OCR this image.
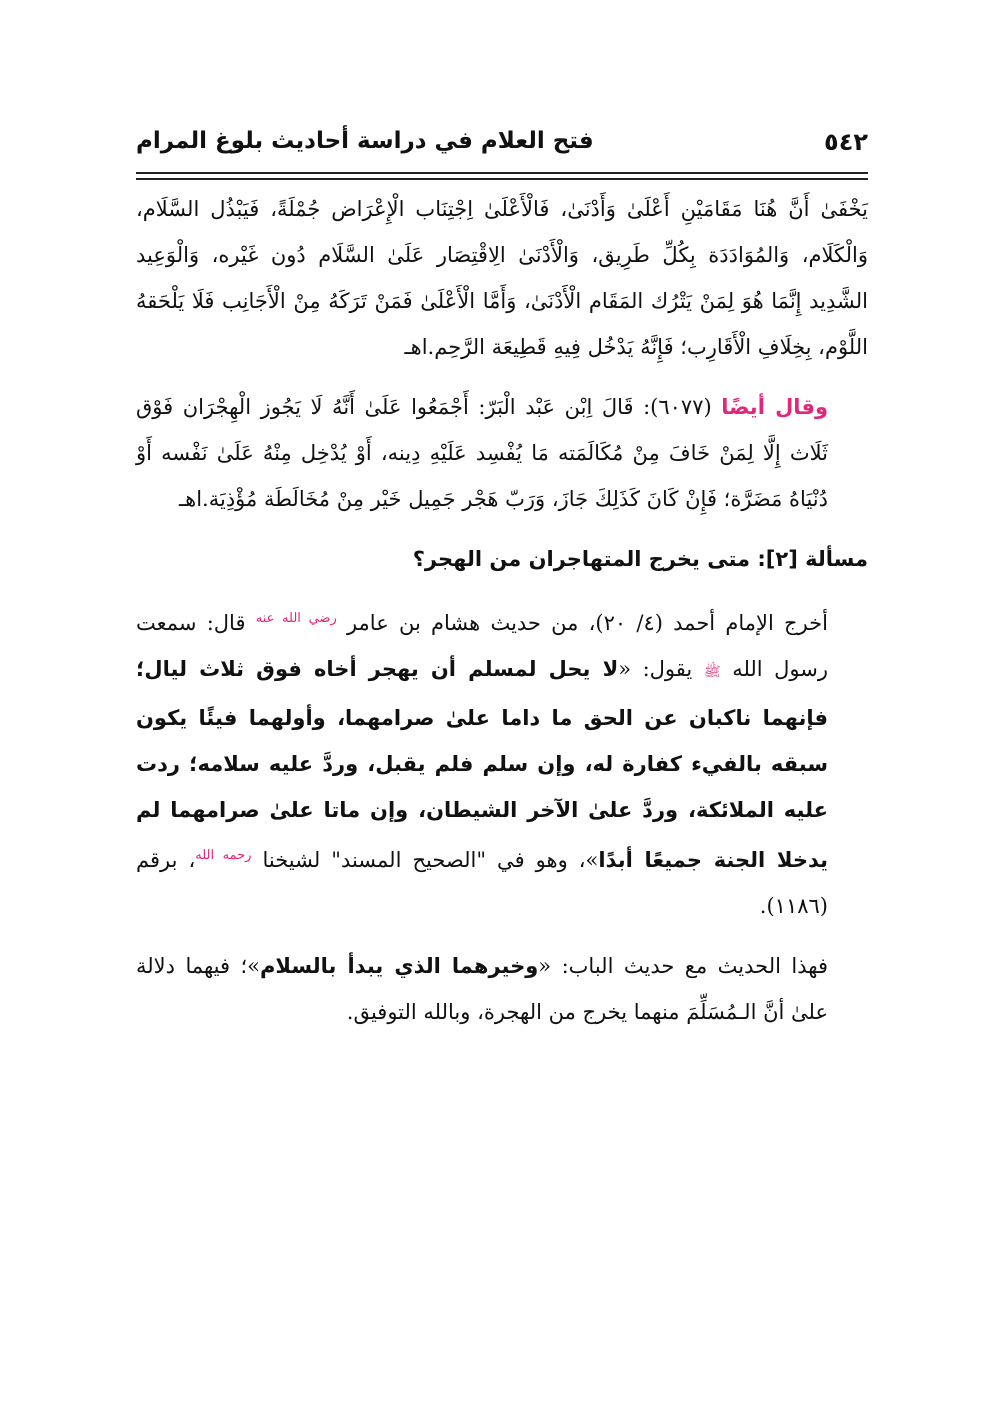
٥٤٢
فتح العلام في دراسة أحاديث بلوغ المرام

يَخْفَىٰ أَنَّ هُنَا مَقَامَيْنِ أَعْلَىٰ وَأَدْنَىٰ، فَالْأَعْلَىٰ اِجْتِنَاب الْإِعْرَاض جُمْلَةً، فَيَبْذُل السَّلَام، وَالْكَلَام، وَالمُوَادَدَة بِكُلِّ طَرِيق، وَالْأَدْنَىٰ الِاقْتِصَار عَلَىٰ السَّلَام دُون غَيْره، وَالْوَعِيد الشَّدِيد إِنَّمَا هُوَ لِمَنْ يَتْرُك المَقَام الْأَدْنَىٰ، وَأَمَّا الْأَعْلَىٰ فَمَنْ تَرَكَهُ مِنْ الْأَجَانِب فَلَا يَلْحَقهُ اللَّوْم، بِخِلَافِ الْأَقَارِب؛ فَإِنَّهُ يَدْخُل فِيهِ قَطِيعَة الرَّحِم.اهـ

وقال أيضًا (٦٠٧٧): قَالَ اِبْن عَبْد الْبَرّ: أَجْمَعُوا عَلَىٰ أَنَّهُ لَا يَجُوز الْهِجْرَان فَوْق ثَلَاث إِلَّا لِمَنْ خَافَ مِنْ مُكَالَمَته مَا يُفْسِد عَلَيْهِ دِينه، أَوْ يُدْخِل مِنْهُ عَلَىٰ نَفْسه أَوْ دُنْيَاهُ مَضَرَّة؛ فَإِنْ كَانَ كَذَلِكَ جَازَ، وَرَبّ هَجْر جَمِيل خَيْر مِنْ مُخَالَطَة مُؤْذِيَة.اهـ

مسألة [٢]: متى يخرج المتهاجران من الهجر؟

أخرج الإمام أحمد (٤/ ٢٠)، من حديث هشام بن عامر $^{رضي الله عنه}$ قال: سمعت رسول الله ﷺ يقول: «لا يحل لمسلم أن يهجر أخاه فوق ثلاث ليال؛ فإنهما ناكبان عن الحق ما داما علىٰ صرامهما، وأولهما فيئًا يكون سبقه بالفيء كفارة له، وإن سلم فلم يقبل، وردَّ عليه سلامه؛ ردت عليه الملائكة، وردَّ علىٰ الآخر الشيطان، وإن ماتا علىٰ صرامهما لم يدخلا الجنة جميعًا أبدًا»، وهو في "الصحيح المسند" لشيخنا $^{رحمه الله}$، برقم (١١٨٦).

فهذا الحديث مع حديث الباب: «وخيرهما الذي يبدأ بالسلام»؛ فيهما دلالة علىٰ أنَّ الـمُسَلِّمَ منهما يخرج من الهجرة، وبالله التوفيق.
